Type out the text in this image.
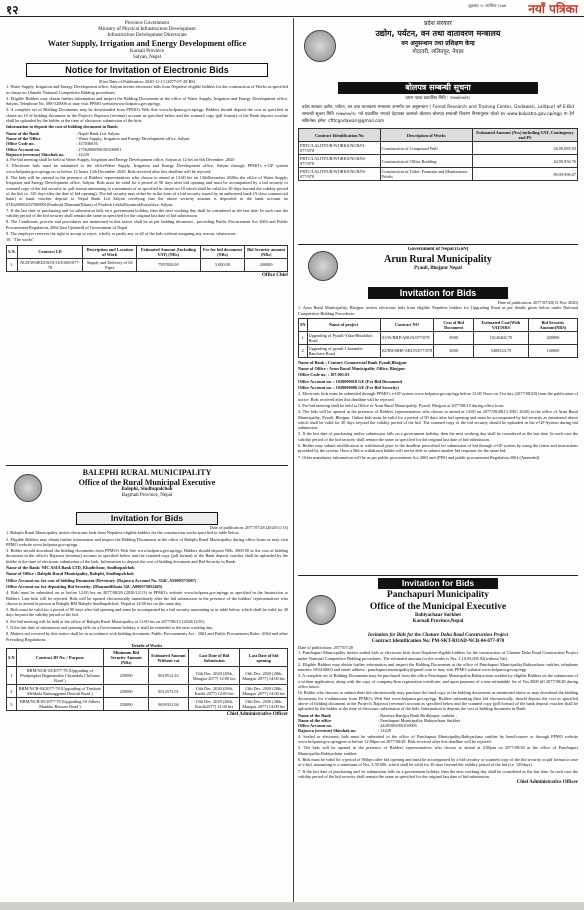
१२	शुक्रबार २८ कात्तिक २०७७ नयाँ पत्रिका
Province Government
Ministry of Physical Infrastructure Development
Infrastructure Development Directorate
Water Supply, Irrigation and Energy Development office
Karnali Province
Salyan, Nepal
Notice for Invitation of Electronic Bids
(First Date of Publication: 2020-11-13 (2077-07-28 BS)

1. Water Supply, Irrigation and Energy Development office, Salyan invites electronic bids from Nepalese eligible bidders for the construction of Works as specified in clause no.10under National Competitive Bidding procedures.

2. Eligible Bidders may obtain further information and inspect the Bidding Documents at the office of Water Supply, Irrigation and Energy Development office, Salyan, Telephone No. 088-520006 or may visit PPMO websitewww.bolpatra.gov.np/egp.

3. A complete set of Bidding Documents may be downloaded from PPMO's Web Site www.bolpatra.gov.np/egp. Bidders should deposit the cost as specified in clause no.10 of bidding document in the Project's Rajaswa (revenue) account as specified below and the scanned copy (pdf format) of the Bank deposit voucher shall be uploaded by the bidder at the time of electronic submission of the bids.

Information to deposit the cost of bidding document in Bank:

Name of the Bank	: Nepal Bank Ltd. Salyan
Name of the Office	: Water Supply, Irrigation and Energy Development office, Salyan
Office Code no.	: 337036016
Office Account no.	: 27502000000100100001
Rajaswa (revenue) Shirshak no.	: 14229

4. Pre-bid meeting shall be held at Water Supply, Irrigation and Energy Development office, Salyan at 12 hrs on 6th December ,2020

5. Electronic bids must be submitted to the officeWater Supply, Irrigation and Energy Development office, Salyan through PPMO's e-GP system www.bolpatra.gov.np/egp on or before 12 hours 13th December 2020. Bids received after this deadline will be rejected.

6. The bids will be opened in the presence of Bidders' representatives who choose to attend at 13:00 hrs on 13thDecember 2020in the office of Water Supply, Irrigation and Energy Development office, Salyan. Bids must be valid for a period of 90 days after bid opening and must be accompanied by a bid security or scanned copy of the bid security in .pdf format amounting to a minimum of as specified in clause no.10 which shall be valid for 30 days beyond the validity period of the bid i.e. 120 days after the date of bid opening). The bid security may either be in the form of a bid security issued by an authorized bank (A class commercial bank) or bank voucher deposit to Nepal Bank Ltd Salyan certifying that the above security amount is deposited in the bank account no 0740200002037000001(Pradesh) Dharauti(Khata) of Pradesh LekhaNiyantrakKaryalaya, Salyan.

7. If the last date of purchasing and /or submission falls on a government holiday, then the next working day shall be considered as the last date. In such case the validity period of the bid security shall remain the same as specified for the original last date of bid submission.

8. The Conditions, process and procedures not mentioned in this notice shall be as per bidding document , prevailing Public Procurement Act 2063 and Public Procurement Regulation, 2064 (last Updated) of Government of Nepal

9. The employer reserves the right to accept or reject, wholly or partly any or all of the bids without assigning any reason, whatsoever.

10. "The works"

S.N.	Contract I.D	Description and Location of Work	Estimated Amount (Including VAT) (NRs)	Fee for bid document (NRs)	Bid Security amount (NRs)
1.	NCB/WSIEDOS/01/GOODS/077-78	Supply and Delivery of GI Pipes	7957820.00	5,000.00	200000
Office Chief
BALEPHI RURAL MUNICIPALITY
Office of the Rural Municipal Executive
Balephi, Sindhupalchok
Bagmati Province, Nepal
Invitation for Bids
Date of publication: 2077/07/28 (2020/11/13)

1. Balephi Rural Municipality invites electronic bids from Nepalese eligible bidders for the construction works specified in table below.

2. Eligible Bidders may obtain further information and inspect the Bidding Documents at the office of Balephi Rural Municipality during office hours or may visit PPMO website www.bolpatra.gov.np/egp.

3. Bidder should download the bidding documents from PPMO's Web Site www.bolpatra.gov.np/egp. Bidders should deposit NRs. 3000.00 as the cost of bidding document in the office's Rajaswa (revenue) account as specified below and the scanned copy (pdf format) of the Bank deposit voucher shall be uploaded by the bidder at the time of electronic submission of the bids. Information to deposit the cost of bidding document and Bid Security in Bank:

Name of the Bank: NIC ASIA Bank LTD, Khadichour, Sindhupalchok

Name of Office : Balephi Rural Municipality, Balephi, Sindhupalchok

Office Account no. for cost of bidding Document (Revenue): (Rajaswa Account No. 354C.A500037\5007)

Office Account no. for depositing Bid Security: (DharautiKhata 34C.A000375052405)

4. Bids must be submitted on or before 12:00 hrs on 2077/08/28 (2020/12/13) in PPMO's website www.bolpatra.gov.np/egp as specified in the Instruction to Bidders. Late bids will be rejected. Bids will be opened electronically immediately after the bid submission in the presence of the bidders' representatives who choose to attend in person at Balephi RM Balephi Sindhupalchok, Nepal at 14:00 hrs on the same day.

5. Bids must be valid for a period of 90 days after bid opening and must be accompanied by a bid security amounting as in table below, which shall be valid for 30 days beyond the validity period of the bid.

6. Pre-bid meeting will be held at the office of Balephi Rural Municipality at 11:00 hrs on 2077/08/15 (2020/12/01)

7. If the last date of submission and opening falls on a Government holiday, it shall be extended to the next working day.

8. Matters not covered by this notice shall be in accordance with bidding document, Public Procurements Act - 2063 and Public Procurement Rules -2064 and other Prevailing Regulations.

Details of Works
S.N	Contract ID No. / Purpose	Minimum Bid Security Amount (NRs)	Estimated Amount Without vat	Last Date of Bid Submission	Last Date of bid opening
1	BRM/NCB-03/2077-78 (Upgrading of Phulpingkot Bagmandala Chyandala Chiluane Road )	250000	8619512.42	13th Dec. 2020 (28th, Mangsir 2077) 12:00 hrs	13th Dec. 2020 (28th, Mangsir 2077) 14:00 hrs
2	BRM/NCB-04/2077-78 (Upgrading of Tinsbote Meldada Katmaggaina Deurali Road )	250000	8512573.91	13th Dec. 2020 (28th, Kartik 2077) 12:00 hrs	13th Dec. 2020 (28th, Mangsir 2077) 14:00 hrs
3	BRM/NCB-05/2077-78 (Upgrading Of Adheri Mankhu Bisouse Road )	250000	8659331.94	13th Dec. 2020 (28th, Kartik2077) 12:00 hrs	13th Dec. 2020 (28th, Mangsir 2077) 14:00 hrs
Chief Administrative Officer
प्रदेश सरकार
उद्योग, पर्यटन, वन तथा वातावरण मन्त्रालय
वन अनुसन्धान तथा प्रशिक्षण केन्द्र
गोदावरी, ललितपुर, नेपाल
बोलपत्र सम्बन्धी सूचना
प्रथम पटक प्रकाशित मिति : २०७७/०७/२८
प्रदेश सरकार उद्योग, पर्यटन, वन तथा वातावरण मन्त्रालय अन्तर्गत वन अनुसन्धान ( Forest Research and Training Center, Godawari, Lalitpur) को E-Bid सम्बन्धी सूचना मिति २०७७/०७/२८ गते प्रकाशित भएको देहायका कामको बोलपत्र बोलपत्र सम्बन्धी विवरण निम्नानुसार रहेको छ। www.bolpatra.gov.np/egp मा हेर्न सकिनेछ। इमेल: cfttcgodawari@gmail.com
Contract Identification No	Description of Works	Estimated Amount (Nrs) including VAT, Contingency and PS
FRTC/LALITPUR/WORKS/NCB/01-077/078	Construction of Compound Wall	26,00,085.03
FRTC/LALITPUR/WORKS/NCB/02-077/078	Construction of Office Building	44,99,956.76
FRTC/LALITPUR/WORKS/NCB/03-077/078	Construction of Toilet, Fountain and Maintenance Works	89,99,996.07
Government of Nepal (GoN)
Arun Rural Municipality
Pyauli, Bhojpur Nepal
Invitation for Bids
Date of publication: 2077/07/28(13 Nov 2020)
1. Arun Rural Municipality, Bhojpur invites electronic bids from eligible Nepalese bidders for Upgrading Road as per details given below under National Competitive Bidding Procedures.
SN	Name of project	Contract NO	Cost of Bid Document	Estimated Cost(With VAT)NRS	Bid Security Amount(NRS)
1	Upgrading of Pyauli-Yaku-Bhurlabot Road	01/W/BHP/ARUN/077/078	3000	10140402.70	200000
2	Upgrading of pyauli-Charambi-Banchare Road	02/RW/BHP/ARUN/077/078	3000	5408324.79	140000

Name of Bank : Century Commercial Bank Pyauli,Bhojpur

Name of Office : Arun Rural Municipality Office, Bhojpur

Office Code no. : 107.001.03

Office Account no. : 1020000018 GE (For Bid Document)

Office Account no. : 1020000006 GE (For Bid Security)

2. Electronic bids must be submitted through PPMO's e-GP system www.bolpatra.gov.np/egp before 12:00 Noon on 31st day (2077/08/28) from the publication of notice. Bids received after this deadline will be rejected.

3. Pre-bid meeting shall be held at Office of Arun Rural Municipality, Pyauli, Bhojpur at 2077/08/15 during office hour.

4. The bids will be opened in the presence of Bidders' representatives who choose to attend at 14:00 on 2077/08/28(13 DEC 2020) at the office of Arun Rural Municipality, Pyauli, Bhojpur. Online bids must be valid for a period of 90 days after bid opening and must be accompanied by bid security as mentioned above which shall be valid for 30 days beyond the validity period of the bid. The scanned copy of the bid security should be uploaded in the e-GP System during bid submission.

5. If the last date of purchasing and/or submission falls on a government holiday, then the next working day shall be considered as the last date. In such case the validity period of the bid security shall remain the same as specified for the original last date of bid submission.

6. Bidder may submit modification or withdrawal prior to the deadline prescribed for submission of bid through e-GP system by using the forms and instructions provided by the system. Once a Bid is withdrawn bidder will not be able to submit another bid response for the same bid.

7. Other mandatory information will be as per public procurement Act 2063 and (PPA) and public procurement Regulation 2064 (Amended)

Invitation for Bids
Panchapuri Municipality
Office of the Municipal Executive
Babiyachaur Surkhet
Karnali Province,Nepal
Invitation for Bids for the Chature Daha Road Construction Project
Contract Identification No: PM-SKT-ROAD-NCB-04-077-078
Date of publication: 2077/07/28

1. Panchapuri Municipality invites sealed bids or electronic bids from Nepalese eligible bidders for the construction of Chature Daha Road Construction Project under National Competitive Bidding procedures. The estimated amount for the works is Nrs. 1,10,93,005.92(without Vat).

2. Eligible Bidders may obtain further information and inspect the Bidding Documents at the office of Panchapuri Municipality,Babiyachaur surkhet, telephone number: 083410603 and email address : panchapuri.municipality@gmail.com or may visit PPMO website www.bolpatra.gov.np/egp.

3. A complete set of Bidding Documents may be purchased from the office Panchapuri Municipality,Babiyachaur surkhet by eligible Bidders on the submission of a written application, along with the copy of company/firm registration certificate, and upon payment of a non-refundable fee of Nrs.3000 till 2077/08/28 during office hours.

Or Bidder who chooses to submit their bid electronically may purchase the hard copy of the bidding documents as mentioned above or may download the bidding documents for e-submission from PPMO's Web Site www.bolpatra.gov.np/egp. Bidders submitting their bid electronically, should deposit the cost as specified above of bidding document in the Project's Rajaswa (revenue) account as specified below and the scanned copy (pdf format) of the bank deposit voucher shall be uploaded by the bidder at the time of electronic submission of the bids. Information to deposit the cost of bidding document in Bank:

Name of the Bank	: Rastriya Banijya Bank Birdhyapur ,surkhet ,
Name of the office	: Panchapuri Municipality Babiyachaur Surkhet
Office Account no.	: 44201003001010005
Rajaswa (revenue) Shirshak no.	: 14229

4. Sealed or electronic bids must be submitted to the office of Panchapuri Municipality,Babiyachaur surkhet by hand/courier or through PPMO website www.bolpatra.gov.np/egpon or before 12:00pm on 2077/08/28. Bids received after this deadline will be rejected.

5. The bids will be opened in the presence of Bidders' representatives who choose to attend at 2:00pm on 2077/08/28 at the office of Panchapuri Municipality,Babiyachaur surkhet.

6. Bids must be valid for a period of 90days after bid opening and must be accompanied by a bid security or scanned copy of the bid security in pdf format in case of e-bid, amounting to a minimum of Nrs. 3,50,000, which shall be valid for 30 days beyond the validity period of the bid (i.e. 120days).

7. If the last date of purchasing and /or submission falls on a government holiday, then the next working day shall be considered as the last date. In such case the validity period of the bid security shall remain the same as specified for the original last date of bid submission.

Chief Administrative Officer
